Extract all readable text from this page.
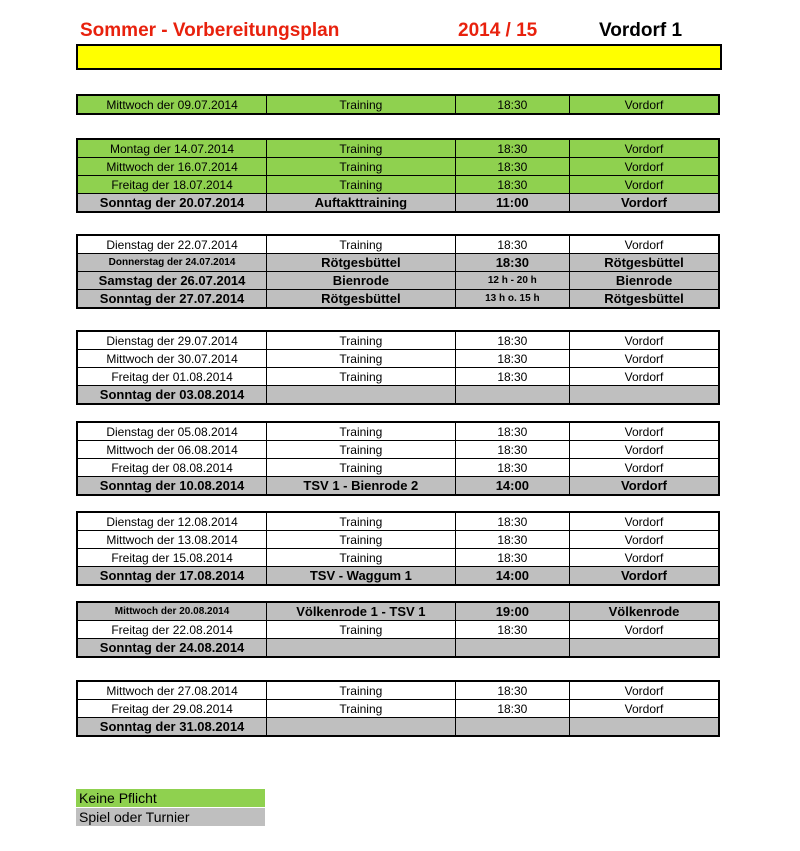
Sommer - Vorbereitungsplan	2014 / 15	Vordorf 1
Mittwoch der 09.07.2014	Training	18:30	Vordorf
Montag der 14.07.2014	Training	18:30	Vordorf
Mittwoch der 16.07.2014	Training	18:30	Vordorf
Freitag der 18.07.2014	Training	18:30	Vordorf
Sonntag der 20.07.2014	Auftakttraining	11:00	Vordorf
Dienstag der 22.07.2014	Training	18:30	Vordorf
Donnerstag der 24.07.2014	Rötgesbüttel	18:30	Rötgesbüttel
Samstag der 26.07.2014	Bienrode	12 h - 20 h	Bienrode
Sonntag der 27.07.2014	Rötgesbüttel	13 h o. 15 h	Rötgesbüttel
Dienstag der 29.07.2014	Training	18:30	Vordorf
Mittwoch der 30.07.2014	Training	18:30	Vordorf
Freitag der 01.08.2014	Training	18:30	Vordorf
Sonntag der 03.08.2014			
Dienstag der 05.08.2014	Training	18:30	Vordorf
Mittwoch der 06.08.2014	Training	18:30	Vordorf
Freitag der 08.08.2014	Training	18:30	Vordorf
Sonntag der 10.08.2014	TSV 1 - Bienrode 2	14:00	Vordorf
Dienstag der 12.08.2014	Training	18:30	Vordorf
Mittwoch der 13.08.2014	Training	18:30	Vordorf
Freitag der 15.08.2014	Training	18:30	Vordorf
Sonntag der 17.08.2014	TSV - Waggum 1	14:00	Vordorf
Mittwoch der 20.08.2014	Völkenrode 1 - TSV 1	19:00	Völkenrode
Freitag der 22.08.2014	Training	18:30	Vordorf
Sonntag der 24.08.2014			
Mittwoch der 27.08.2014	Training	18:30	Vordorf
Freitag der 29.08.2014	Training	18:30	Vordorf
Sonntag der 31.08.2014			
Keine Pflicht
Spiel oder Turnier
